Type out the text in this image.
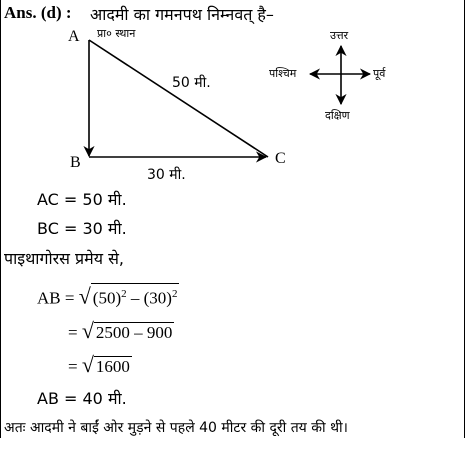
Ans. (d) : आदमी का गमनपथ निम्नवत् है–
A प्रा० स्थान
B	C
50 मी.
30 मी.
उत्तर
दक्षिण
पूर्व
पश्चिम
AC = 50 मी.
BC = 30 मी.
पाइथागोरस प्रमेय से,
AB = √ $(50)^2 - (30)^2$
= √ 2500 – 900
= √ 1600
AB = 40 मी.
अतः आदमी ने बाईं ओर मुड़ने से पहले 40 मीटर की दूरी तय की थी।
